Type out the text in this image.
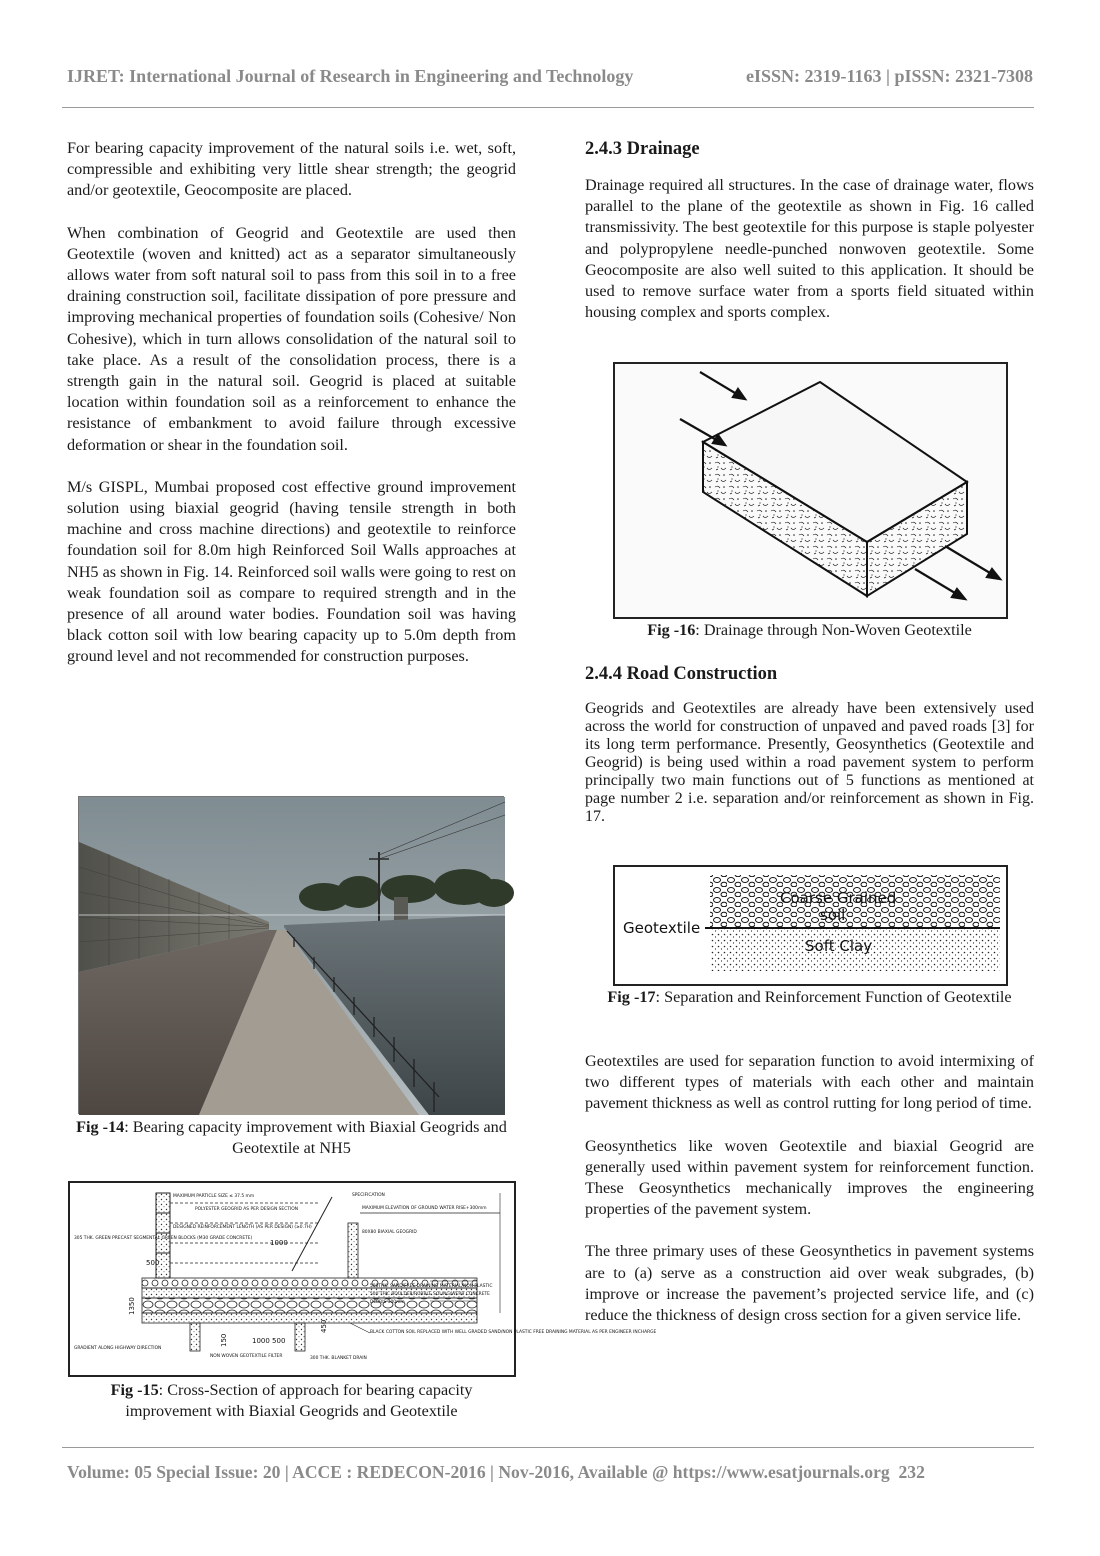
IJRET: International Journal of Research in Engineering and Technology	eISSN: 2319-1163 | pISSN: 2321-7308

For bearing capacity improvement of the natural soils i.e. wet, soft, compressible and exhibiting very little shear strength; the geogrid and/or geotextile, Geocomposite are placed.

When combination of Geogrid and Geotextile are used then Geotextile (woven and knitted) act as a separator simultaneously allows water from soft natural soil to pass from this soil in to a free draining construction soil, facilitate dissipation of pore pressure and improving mechanical properties of foundation soils (Cohesive/ Non Cohesive), which in turn allows consolidation of the natural soil to take place. As a result of the consolidation process, there is a strength gain in the natural soil. Geogrid is placed at suitable location within foundation soil as a reinforcement to enhance the resistance of embankment to avoid failure through excessive deformation or shear in the foundation soil.

M/s GISPL, Mumbai proposed cost effective ground improvement solution using biaxial geogrid (having tensile strength in both machine and cross machine directions) and geotextile to reinforce foundation soil for 8.0m high Reinforced Soil Walls approaches at NH5 as shown in Fig. 14. Reinforced soil walls were going to rest on weak foundation soil as compare to required strength and in the presence of all around water bodies. Foundation soil was having black cotton soil with low bearing capacity up to 5.0m depth from ground level and not recommended for construction purposes.

Fig -14: Bearing capacity improvement with Biaxial Geogrids and Geotextile at NH5
MAXIMUM PARTICLE SIZE ≤ 37.5 mm
POLYESTER GEOGRID AS PER DESIGN SECTION
DESIGNED REINFORCEMENT LENGTH (AS PER DESIGN) (≥0.7H)
305 THK. GREEN PRECAST SEGMENTAL GREEN BLOCKS (M30 GRADE CONCRETE)
SPECIFICATION
MAXIMUM ELEVATION OF GROUND WATER RISE+300mm
80X80 BIAXIAL GEOGRID
500THK. SAND/FREE DRAINING MATERIAL/NON PLASTIC
500 THK. BOULDER/RUBBLE SOLING/WERB CONCRETE
DEBRIS 300mm
BLACK COTTON SOIL REPLACED WITH WELL GRADED SAND/NON PLASTIC FREE DRAINING MATERIAL AS PER ENGINEER INCHARGE
GRADIENT ALONG HIGHWAY DIRECTION
NON WOVEN GEOTEXTILE FILTER	300 THK. BLANKET DRAIN
1000
500
1350
150	1000 500
450
Fig -15: Cross-Section of approach for bearing capacity improvement with Biaxial Geogrids and Geotextile
2.4.3 Drainage

Drainage required all structures. In the case of drainage water, flows parallel to the plane of the geotextile as shown in Fig. 16 called transmissivity. The best geotextile for this purpose is staple polyester and polypropylene needle-punched nonwoven geotextile. Some Geocomposite are also well suited to this application. It should be used to remove surface water from a sports field situated within housing complex and sports complex.

Fig -16: Drainage through Non-Woven Geotextile
2.4.4 Road Construction

Geogrids and Geotextiles are already have been extensively used across the world for construction of unpaved and paved roads [3] for its long term performance. Presently, Geosynthetics (Geotextile and Geogrid) is being used within a road pavement system to perform principally two main functions out of 5 functions as mentioned at page number 2 i.e. separation and/or reinforcement as shown in Fig. 17.

Geotextile
Coarse Grained
soil
Soft Clay
Fig -17: Separation and Reinforcement Function of Geotextile

Geotextiles are used for separation function to avoid intermixing of two different types of materials with each other and maintain pavement thickness as well as control rutting for long period of time.

Geosynthetics like woven Geotextile and biaxial Geogrid are generally used within pavement system for reinforcement function. These Geosynthetics mechanically improves the engineering properties of the pavement system.

The three primary uses of these Geosynthetics in pavement systems are to (a) serve as a construction aid over weak subgrades, (b) improve or increase the pavement’s projected service life, and (c) reduce the thickness of design cross section for a given service life.

Volume: 05 Special Issue: 20 | ACCE : REDECON-2016 | Nov-2016, Available @ https://www.esatjournals.org 232
